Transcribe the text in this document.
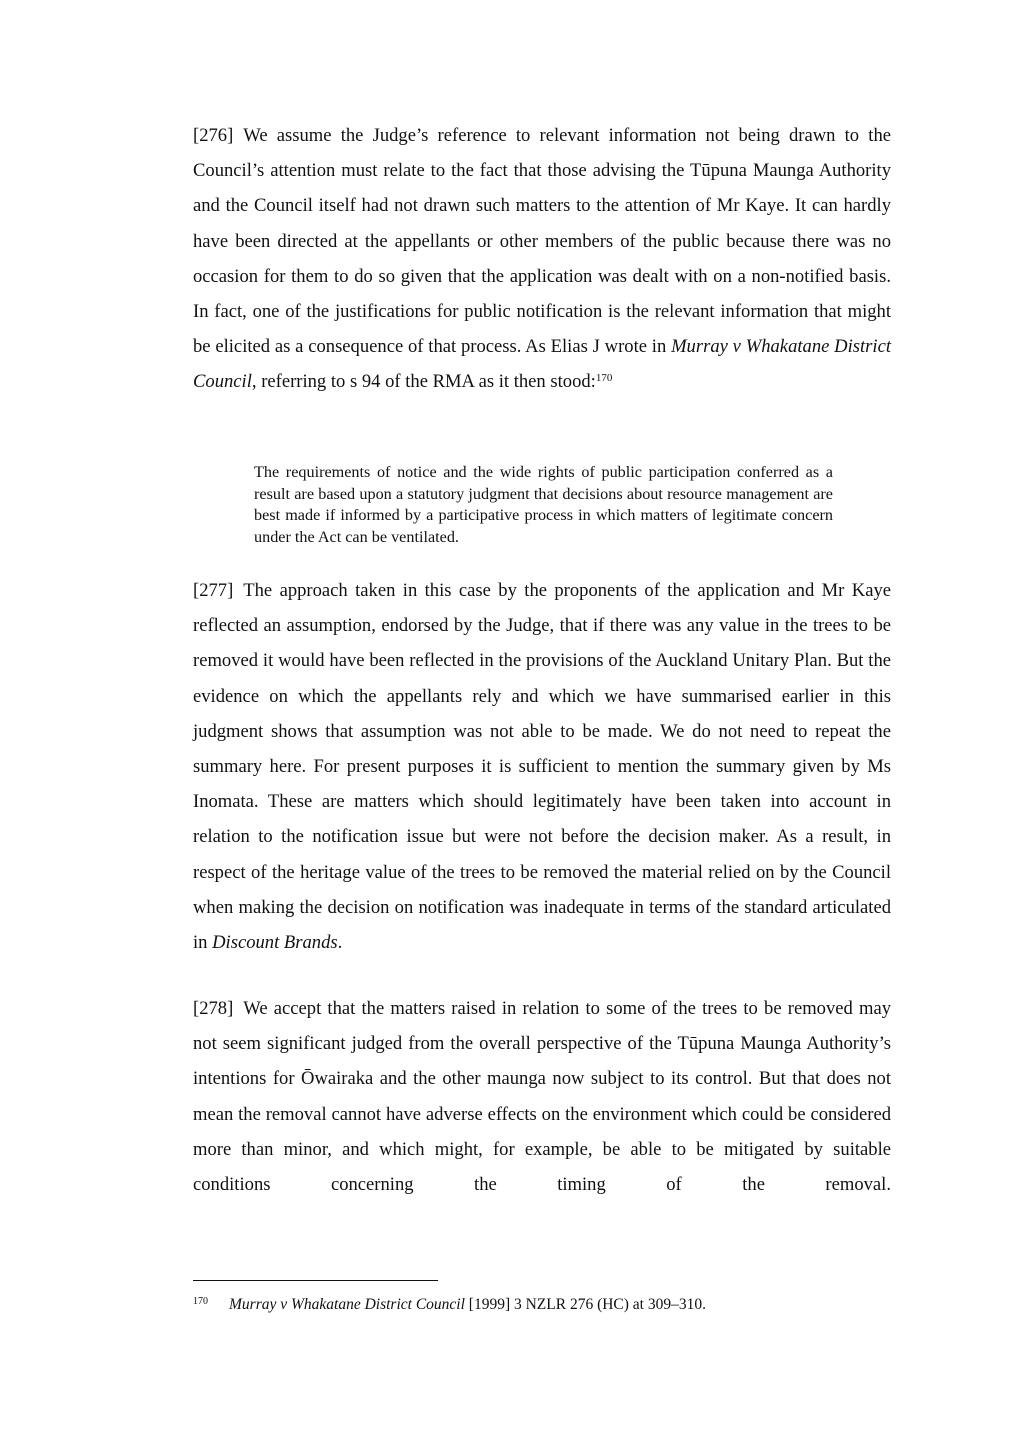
[276] We assume the Judge’s reference to relevant information not being drawn to the Council’s attention must relate to the fact that those advising the Tūpuna Maunga Authority and the Council itself had not drawn such matters to the attention of Mr Kaye. It can hardly have been directed at the appellants or other members of the public because there was no occasion for them to do so given that the application was dealt with on a non-notified basis. In fact, one of the justifications for public notification is the relevant information that might be elicited as a consequence of that process. As Elias J wrote in Murray v Whakatane District Council, referring to s 94 of the RMA as it then stood:$^{170}$

The requirements of notice and the wide rights of public participation conferred as a result are based upon a statutory judgment that decisions about resource management are best made if informed by a participative process in which matters of legitimate concern under the Act can be ventilated.

[277] The approach taken in this case by the proponents of the application and Mr Kaye reflected an assumption, endorsed by the Judge, that if there was any value in the trees to be removed it would have been reflected in the provisions of the Auckland Unitary Plan. But the evidence on which the appellants rely and which we have summarised earlier in this judgment shows that assumption was not able to be made. We do not need to repeat the summary here. For present purposes it is sufficient to mention the summary given by Ms Inomata. These are matters which should legitimately have been taken into account in relation to the notification issue but were not before the decision maker. As a result, in respect of the heritage value of the trees to be removed the material relied on by the Council when making the decision on notification was inadequate in terms of the standard articulated in Discount Brands.

[278] We accept that the matters raised in relation to some of the trees to be removed may not seem significant judged from the overall perspective of the Tūpuna Maunga Authority’s intentions for Ōwairaka and the other maunga now subject to its control. But that does not mean the removal cannot have adverse effects on the environment which could be considered more than minor, and which might, for example, be able to be mitigated by suitable conditions concerning the timing of the removal.

170 Murray v Whakatane District Council [1999] 3 NZLR 276 (HC) at 309–310.
